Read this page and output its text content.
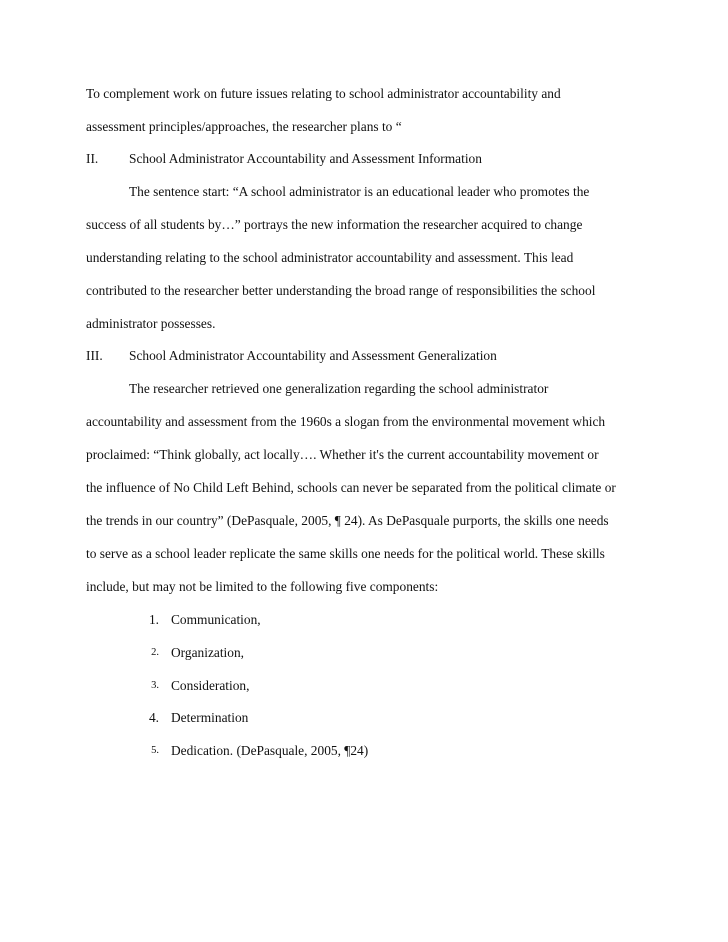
To complement work on future issues relating to school administrator accountability and
assessment principles/approaches, the researcher plans to “
II. School Administrator Accountability and Assessment Information
The sentence start: “A school administrator is an educational leader who promotes the
success of all students by…” portrays the new information the researcher acquired to change
understanding relating to the school administrator accountability and assessment. This lead
contributed to the researcher better understanding the broad range of responsibilities the school
administrator possesses.
III. School Administrator Accountability and Assessment Generalization
The researcher retrieved one generalization regarding the school administrator
accountability and assessment from the 1960s a slogan from the environmental movement which
proclaimed: “Think globally, act locally…. Whether it's the current accountability movement or
the influence of No Child Left Behind, schools can never be separated from the political climate or
the trends in our country” (DePasquale, 2005, ¶ 24). As DePasquale purports, the skills one needs
to serve as a school leader replicate the same skills one needs for the political world. These skills
include, but may not be limited to the following five components:
1. Communication,
2. Organization,
3. Consideration,
4. Determination
5. Dedication. (DePasquale, 2005, ¶24)
